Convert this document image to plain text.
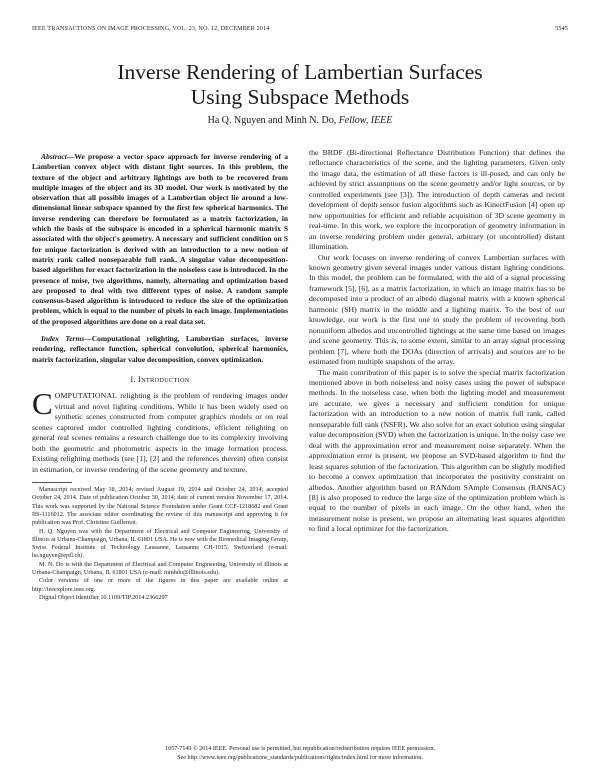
IEEE TRANSACTIONS ON IMAGE PROCESSING, VOL. 23, NO. 12, DECEMBER 2014	5545
Inverse Rendering of Lambertian Surfaces
Using Subspace Methods
Ha Q. Nguyen and Minh N. Do, Fellow, IEEE

Abstract—We propose a vector space approach for inverse rendering of a Lambertian convex object with distant light sources. In this problem, the texture of the object and arbitrary lightings are both to be recovered from multiple images of the object and its 3D model. Our work is motivated by the observation that all possible images of a Lambertian object lie around a low-dimensional linear subspace spanned by the first few spherical harmonics. The inverse rendering can therefore be formulated as a matrix factorization, in which the basis of the subspace is encoded in a spherical harmonic matrix S associated with the object's geometry. A necessary and sufficient condition on S for unique factorization is derived with an introduction to a new notion of matrix rank called nonseparable full rank. A singular value decomposition-based algorithm for exact factorization in the noiseless case is introduced. In the presence of noise, two algorithms, namely, alternating and optimization based are proposed to deal with two different types of noise. A random sample consensus-based algorithm is introduced to reduce the size of the optimization problem, which is equal to the number of pixels in each image. Implementations of the proposed algorithms are done on a real data set.

Index Terms—Computational relighting, Lambertian surfaces, inverse rendering, reflectance function, spherical convolution, spherical harmonics, matrix factorization, singular value decomposition, convex optimization.

I. INTRODUCTION

COMPUTATIONAL relighting is the problem of rendering images under virtual and novel lighting conditions. While it has been widely used on synthetic scenes constructed from computer graphics models or on real scenes captured under controlled lighting conditions, efficient relighting on general real scenes remains a research challenge due to its complexity involving both the geometric and photometric aspects in the image formation process. Existing relighting methods (see [1], [2] and the references therein) often consist in estimation, or inverse rendering of the scene geometry and texture,

Manuscript received May 18, 2014; revised August 19, 2014 and October 24, 2014; accepted October 24, 2014. Date of publication October 30, 2014; date of current version November 17, 2014. This work was supported by the National Science Foundation under Grant CCF-1218682 and Grant IIS-1116012. The associate editor coordinating the review of this manuscript and approving it for publication was Prof. Christine Guillemot.

H. Q. Nguyen was with the Department of Electrical and Computer Engineering, University of Illinois at Urbana-Champaign, Urbana, IL 61801 USA. He is now with the Biomedical Imaging Group, Swiss Federal Institute of Technology Lausanne, Lausanne CH-1015, Switzerland (e-mail: ha.nguyen@epfl.ch).

M. N. Do is with the Department of Electrical and Computer Engineering, University of Illinois at Urbana-Champaign, Urbana, IL 61801 USA (e-mail: minhdo@illinois.edu).

Color versions of one or more of the figures in this paper are available online at http://ieeexplore.ieee.org.

Digital Object Identifier 10.1109/TIP.2014.2366297

the BRDF (Bi-directional Reflectance Distribution Function) that defines the reflectance characteristics of the scene, and the lighting parameters. Given only the image data, the estimation of all these factors is ill-posed, and can only be achieved by strict assumptions on the scene geometry and/or light sources, or by controlled experiments (see [3]). The introduction of depth cameras and recent development of depth sensor fusion algorithms such as KinectFusion [4] open up new opportunities for efficient and reliable acquisition of 3D scene geometry in real-time. In this work, we explore the incorporation of geometry information in an inverse rendering problem under general, arbitrary (or uncontrolled) distant illumination.

Our work focuses on inverse rendering of convex Lambertian surfaces with known geometry given several images under various distant lighting conditions. In this model, the problem can be formulated, with the aid of a signal processing framework [5], [6], as a matrix factorization, in which an image matrix has to be decomposed into a product of an albedo diagonal matrix with a known spherical harmonic (SH) matrix in the middle and a lighting matrix. To the best of our knowledge, our work is the first one to study the problem of recovering both nonuniform albedos and uncontrolled lightings at the same time based on images and scene geometry. This is, to some extent, similar to an array signal processing problem [7], where both the DOAs (direction of arrivals) and sources are to be estimated from multiple snapshots of the array.

The main contribution of this paper is to solve the special matrix factorization mentioned above in both noiseless and noisy cases using the power of subspace methods. In the noiseless case, when both the lighting model and measurement are accurate, we gives a necessary and sufficient condition for unique factorization with an introduction to a new notion of matrix full rank, called nonseparable full rank (NSFR). We also solve for an exact solution using singular value decomposition (SVD) when the factorization is unique. In the noisy case we deal with the approximation error and measurement noise separately. When the approximation error is present, we propose an SVD-based algorithm to find the least squares solution of the factorization. This algorithm can be slightly modified to become a convex optimization that incorporates the positivity constraint on albedos. Another algorithm based on RANdom SAmple Consensus (RANSAC) [8] is also proposed to reduce the large size of the optimization problem which is equal to the number of pixels in each image. On the other hand, when the measurement noise is present, we propose an alternating least squares algorithm to find a local optimizer for the factorization.

1057-7149 © 2014 IEEE. Personal use is permitted, but republication/redistribution requires IEEE permission.
See http://www.ieee.org/publications_standards/publications/rights/index.html for more information.
